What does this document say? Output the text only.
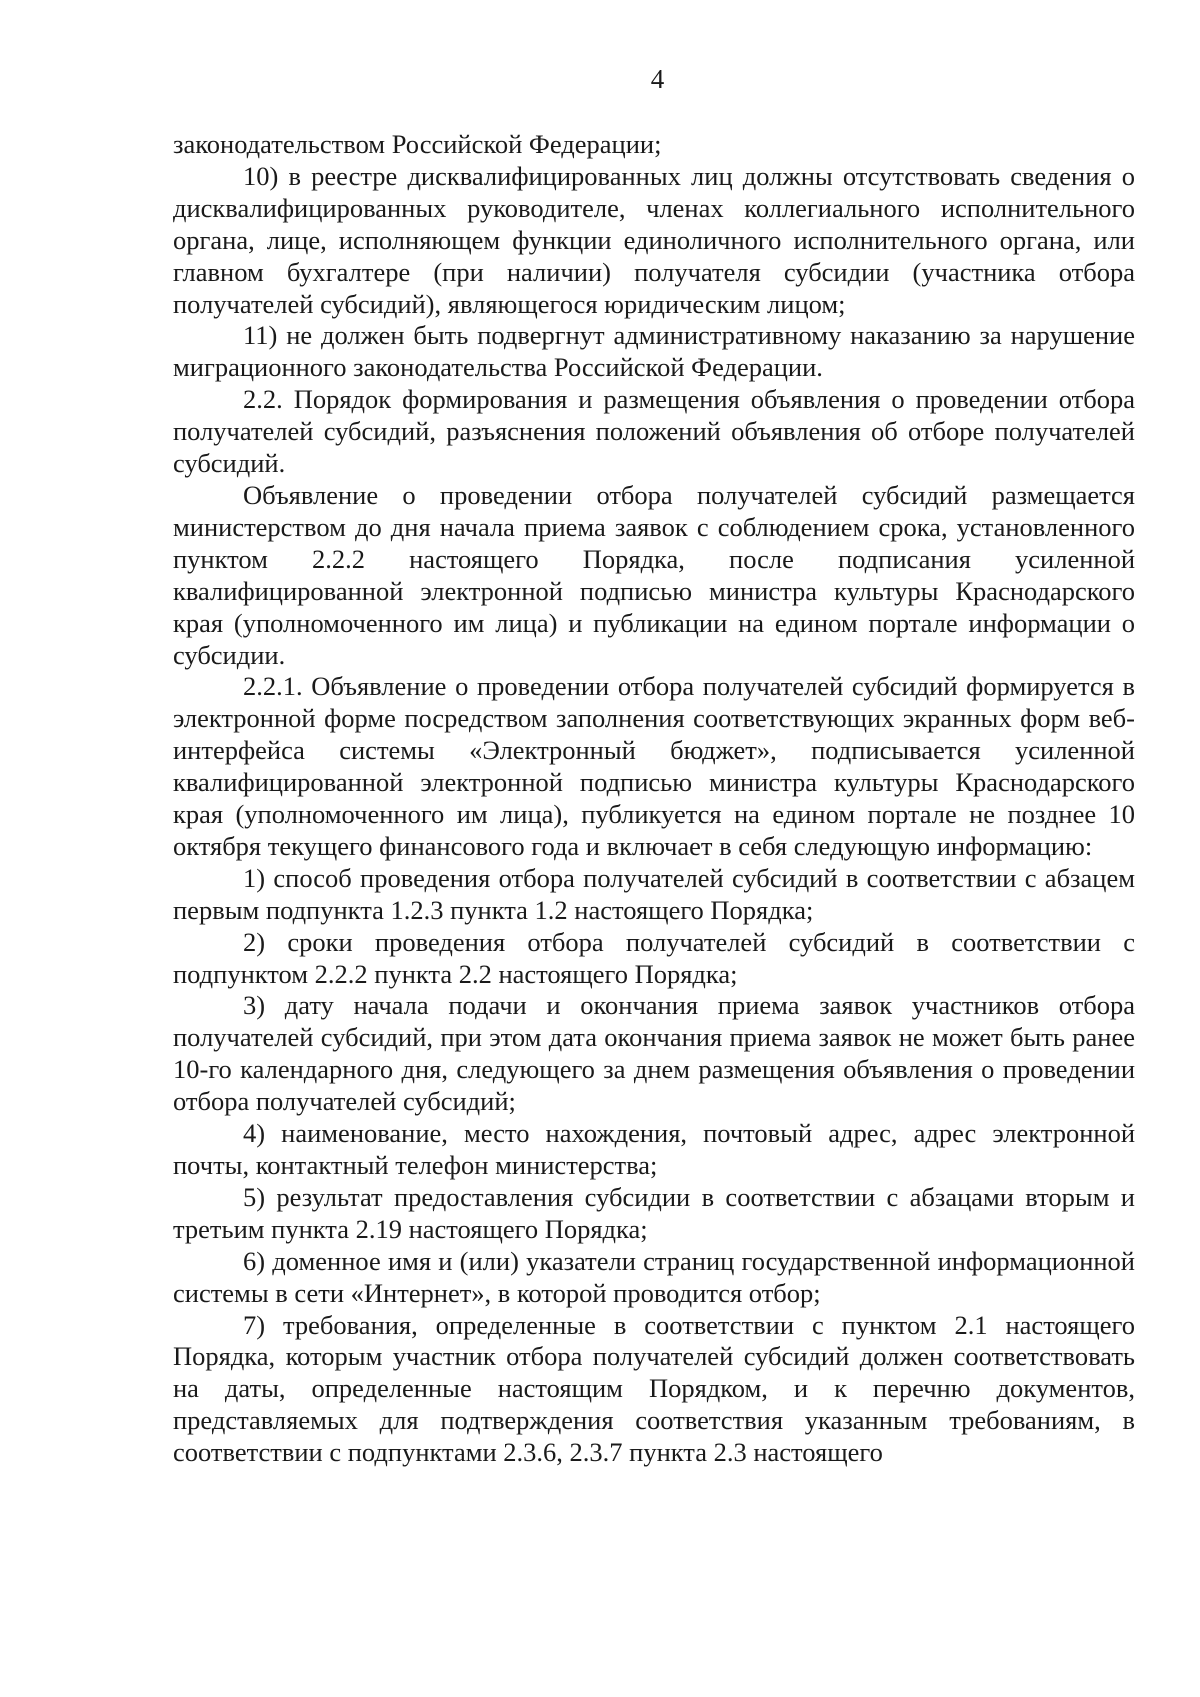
4

законодательством Российской Федерации;

10) в реестре дисквалифицированных лиц должны отсутствовать сведения о дисквалифицированных руководителе, членах коллегиального исполнительного органа, лице, исполняющем функции единоличного исполнительного органа, или главном бухгалтере (при наличии) получателя субсидии (участника отбора получателей субсидий), являющегося юридическим лицом;

11) не должен быть подвергнут административному наказанию за нарушение миграционного законодательства Российской Федерации.

2.2. Порядок формирования и размещения объявления о проведении отбора получателей субсидий, разъяснения положений объявления об отборе получателей субсидий.

Объявление о проведении отбора получателей субсидий размещается министерством до дня начала приема заявок с соблюдением срока, установленного пунктом 2.2.2 настоящего Порядка, после подписания усиленной квалифицированной электронной подписью министра культуры Краснодарского края (уполномоченного им лица) и публикации на едином портале информации о субсидии.

2.2.1. Объявление о проведении отбора получателей субсидий формируется в электронной форме посредством заполнения соответствующих экранных форм веб-интерфейса системы «Электронный бюджет», подписывается усиленной квалифицированной электронной подписью министра культуры Краснодарского края (уполномоченного им лица), публикуется на едином портале не позднее 10 октября текущего финансового года и включает в себя следующую информацию:

1) способ проведения отбора получателей субсидий в соответствии с абзацем первым подпункта 1.2.3 пункта 1.2 настоящего Порядка;

2) сроки проведения отбора получателей субсидий в соответствии с подпунктом 2.2.2 пункта 2.2 настоящего Порядка;

3) дату начала подачи и окончания приема заявок участников отбора получателей субсидий, при этом дата окончания приема заявок не может быть ранее 10-го календарного дня, следующего за днем размещения объявления о проведении отбора получателей субсидий;

4) наименование, место нахождения, почтовый адрес, адрес электронной почты, контактный телефон министерства;

5) результат предоставления субсидии в соответствии с абзацами вторым и третьим пункта 2.19 настоящего Порядка;

6) доменное имя и (или) указатели страниц государственной информационной системы в сети «Интернет», в которой проводится отбор;

7) требования, определенные в соответствии с пунктом 2.1 настоящего Порядка, которым участник отбора получателей субсидий должен соответствовать на даты, определенные настоящим Порядком, и к перечню документов, представляемых для подтверждения соответствия указанным требованиям, в соответствии с подпунктами 2.3.6, 2.3.7 пункта 2.3 настоящего
